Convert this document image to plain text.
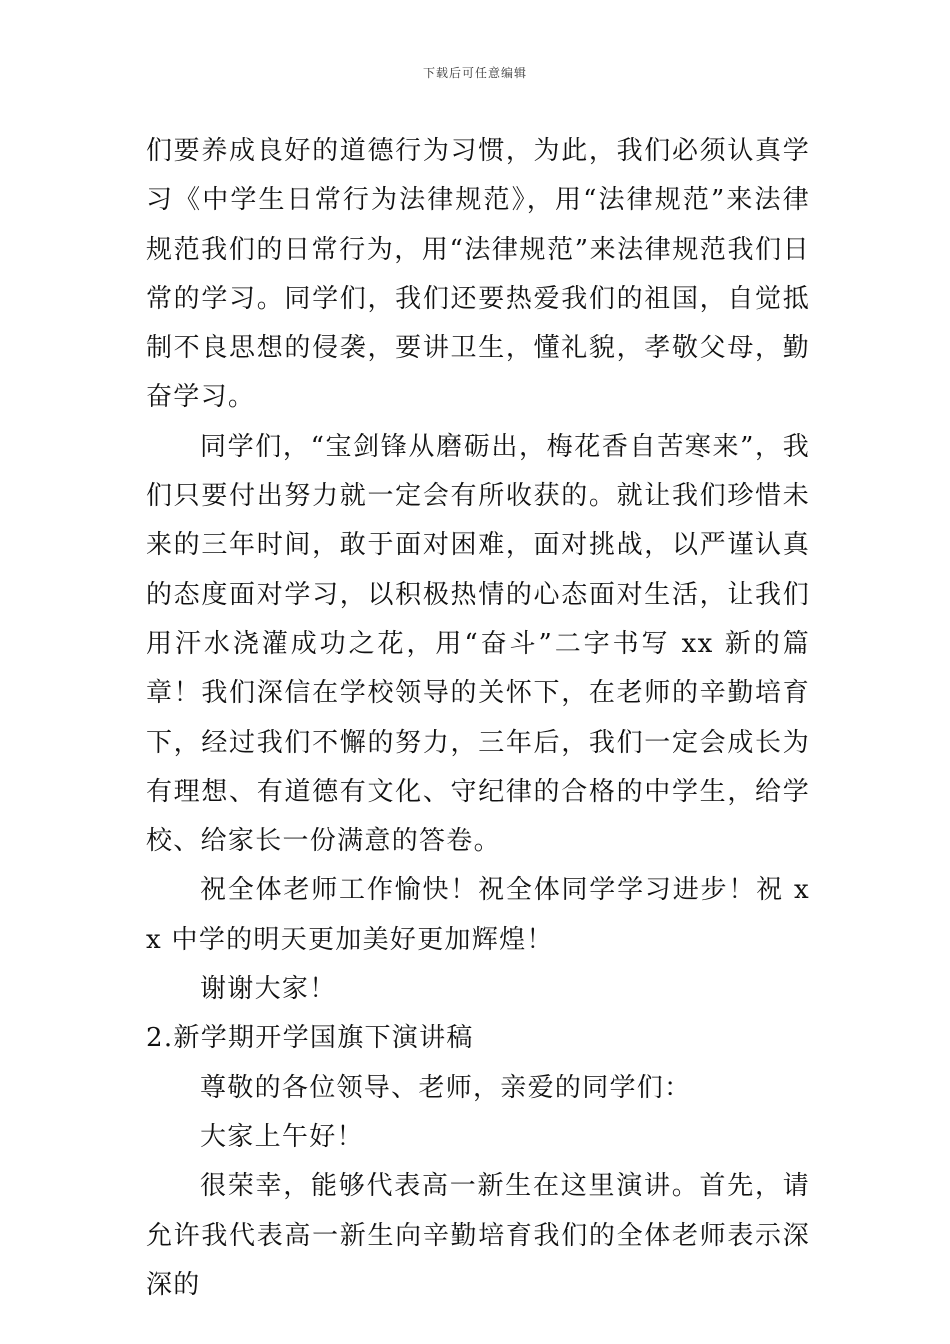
下载后可任意编辑

们要养成良好的道德行为习惯，为此，我们必须认真学习《中学生日常行为法律规范》，用“法律规范”来法律规范我们的日常行为，用“法律规范”来法律规范我们日常的学习。同学们，我们还要热爱我们的祖国，自觉抵制不良思想的侵袭，要讲卫生，懂礼貌，孝敬父母，勤奋学习。

同学们，“宝剑锋从磨砺出，梅花香自苦寒来”，我们只要付出努力就一定会有所收获的。就让我们珍惜未来的三年时间，敢于面对困难，面对挑战，以严谨认真的态度面对学习，以积极热情的心态面对生活，让我们用汗水浇灌成功之花，用“奋斗”二字书写 xx 新的篇章！我们深信在学校领导的关怀下，在老师的辛勤培育下，经过我们不懈的努力，三年后，我们一定会成长为有理想、有道德有文化、守纪律的合格的中学生，给学校、给家长一份满意的答卷。

祝全体老师工作愉快！祝全体同学学习进步！祝 xx 中学的明天更加美好更加辉煌！

谢谢大家！

2.新学期开学国旗下演讲稿

尊敬的各位领导、老师，亲爱的同学们：

大家上午好！

很荣幸，能够代表高一新生在这里演讲。首先，请允许我代表高一新生向辛勤培育我们的全体老师表示深深的
